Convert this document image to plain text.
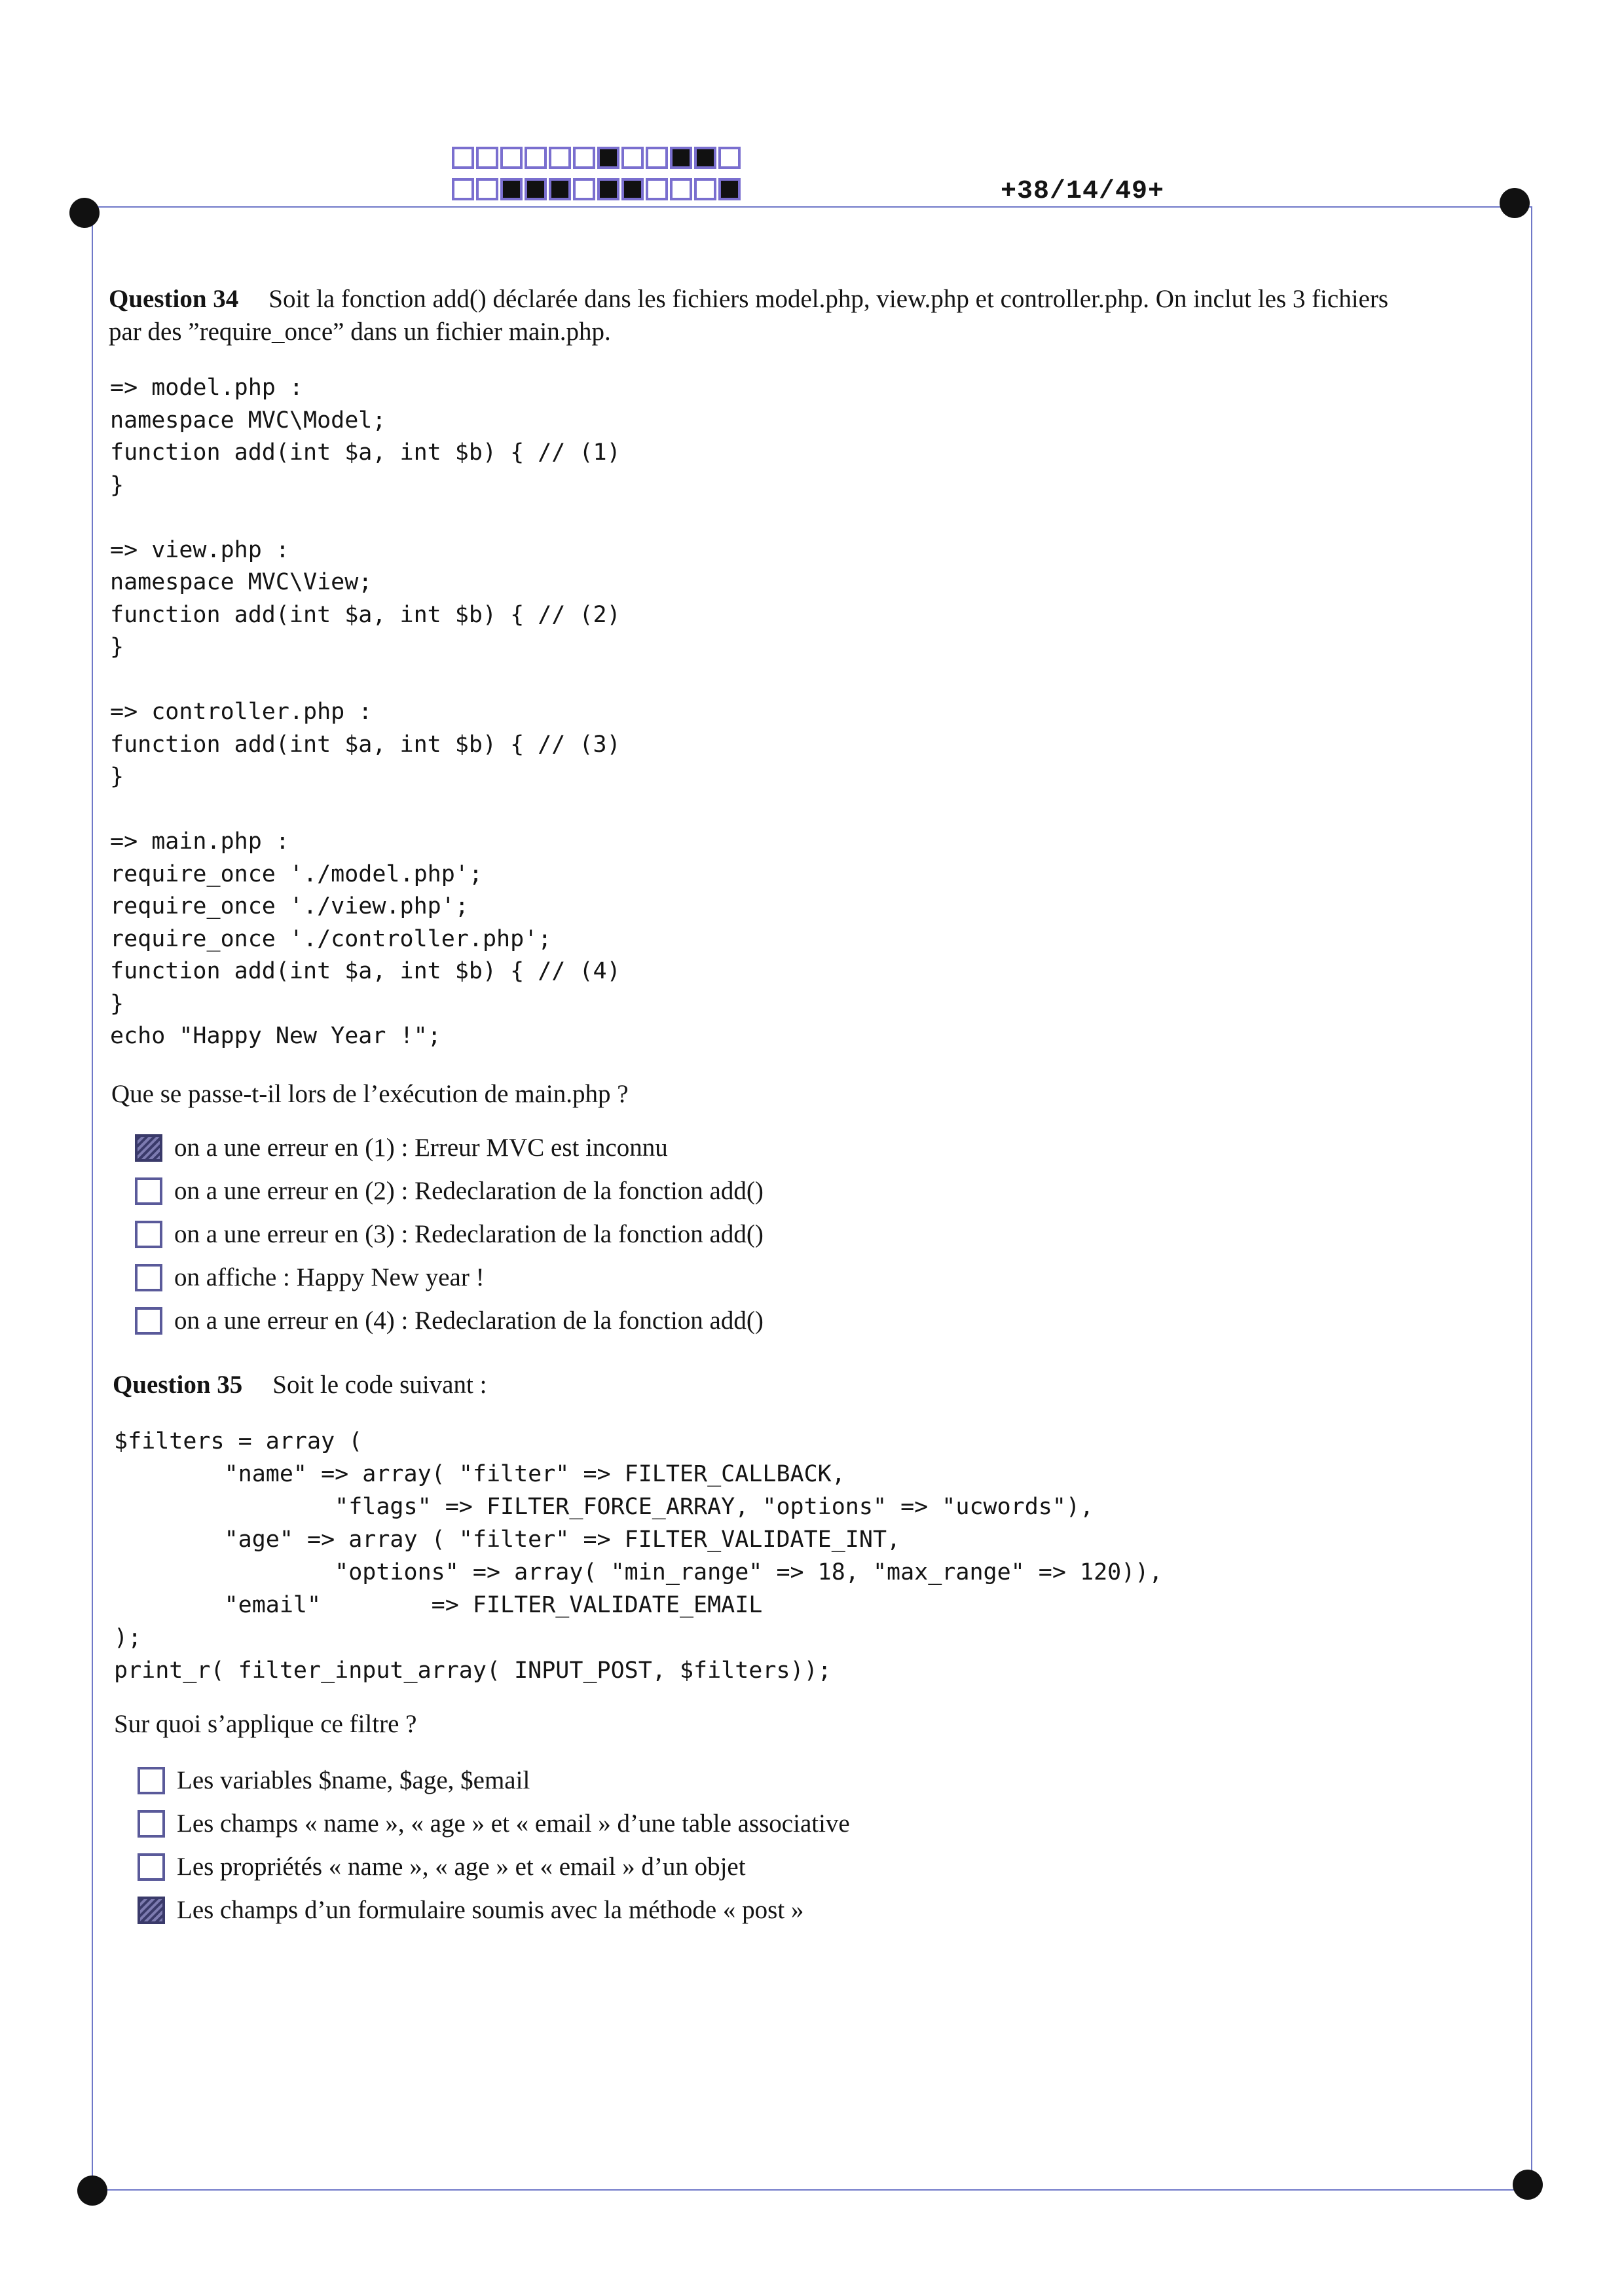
+38/14/49+
Question 34 Soit la fonction add() déclarée dans les fichiers model.php, view.php et controller.php. On inclut les 3 fichiers
par des ”require_once” dans un fichier main.php.
=> model.php :
namespace MVC\Model;
function add(int $a, int $b) { // (1)
}

=> view.php :
namespace MVC\View;
function add(int $a, int $b) { // (2)
}

=> controller.php :
function add(int $a, int $b) { // (3)
}

=> main.php :
require_once './model.php';
require_once './view.php';
require_once './controller.php';
function add(int $a, int $b) { // (4)
}
echo "Happy New Year !";
Que se passe-t-il lors de l’exécution de main.php ?
on a une erreur en (1) : Erreur MVC est inconnu
on a une erreur en (2) : Redeclaration de la fonction add()
on a une erreur en (3) : Redeclaration de la fonction add()
on affiche : Happy New year !
on a une erreur en (4) : Redeclaration de la fonction add()
Question 35 Soit le code suivant :
$filters = array (
"name" => array( "filter" => FILTER_CALLBACK,
"flags" => FILTER_FORCE_ARRAY, "options" => "ucwords"),
"age" => array ( "filter" => FILTER_VALIDATE_INT,
"options" => array( "min_range" => 18, "max_range" => 120)),
"email"        => FILTER_VALIDATE_EMAIL
);
print_r( filter_input_array( INPUT_POST, $filters));
Sur quoi s’applique ce filtre ?
Les variables $name, $age, $email
Les champs « name », « age » et « email » d’une table associative
Les propriétés « name », « age » et « email » d’un objet
Les champs d’un formulaire soumis avec la méthode « post »
